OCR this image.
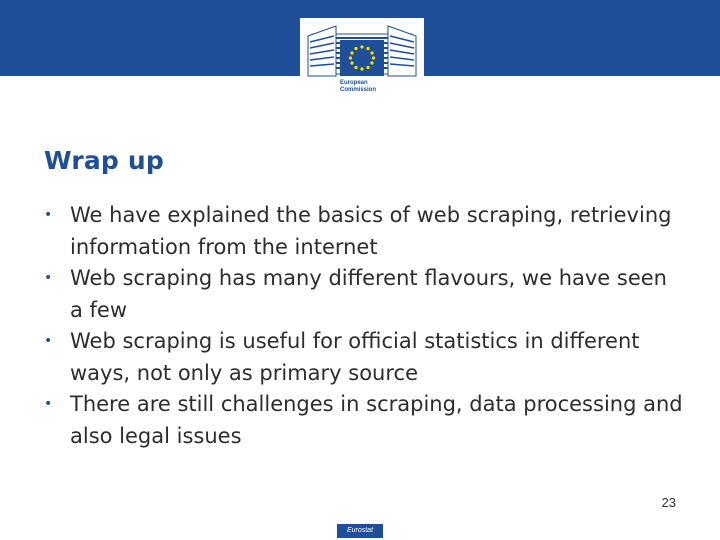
European
Commission
Wrap up
• We have explained the basics of web scraping, retrieving information from the internet
• Web scraping has many different flavours, we have seen a few
• Web scraping is useful for official statistics in different ways, not only as primary source
• There are still challenges in scraping, data processing and also legal issues
23
Eurostat
